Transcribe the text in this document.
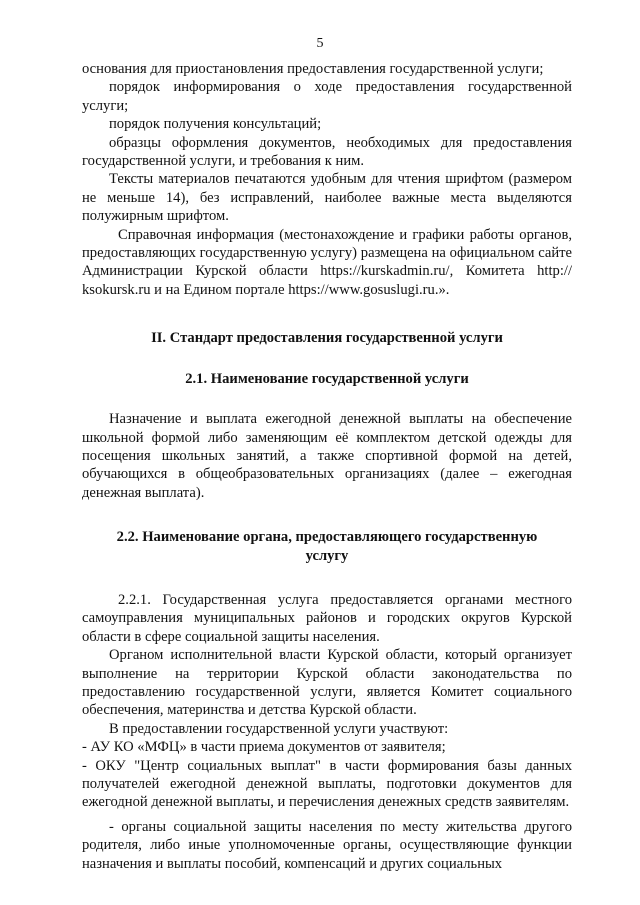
5

основания для приостановления предоставления государственной услуги;

порядок информирования о ходе предоставления государственной услуги;

порядок получения консультаций;

образцы оформления документов, необходимых для предоставления государственной услуги, и требования к ним.

Тексты материалов печатаются удобным для чтения шрифтом (размером не меньше 14), без исправлений, наиболее важные места выделяются полужирным шрифтом.

Справочная информация (местонахождение и графики работы органов, предоставляющих государственную услугу) размещена на официальном сайте Администрации Курской области https://kurskadmin.ru/, Комитета http:// ksokursk.ru и на Едином портале https://www.gosuslugi.ru.».

II. Стандарт предоставления государственной услуги
2.1. Наименование государственной услуги

Назначение и выплата ежегодной денежной выплаты на обеспечение школьной формой либо заменяющим её комплектом детской одежды для посещения школьных занятий, а также спортивной формой на детей, обучающихся в общеобразовательных организациях (далее – ежегодная денежная выплата).

2.2. Наименование органа, предоставляющего государственную услугу

2.2.1. Государственная услуга предоставляется органами местного самоуправления муниципальных районов и городских округов Курской области в сфере социальной защиты населения.

Органом исполнительной власти Курской области, который организует выполнение на территории Курской области законодательства по предоставлению государственной услуги, является Комитет социального обеспечения, материнства и детства Курской области.

В предоставлении государственной услуги участвуют:

- АУ КО «МФЦ» в части приема документов от заявителя;

- ОКУ "Центр социальных выплат" в части формирования базы данных получателей ежегодной денежной выплаты, подготовки документов для ежегодной денежной выплаты, и перечисления денежных средств заявителям.

- органы социальной защиты населения по месту жительства другого родителя, либо иные уполномоченные органы, осуществляющие функции назначения и выплаты пособий, компенсаций и других социальных
